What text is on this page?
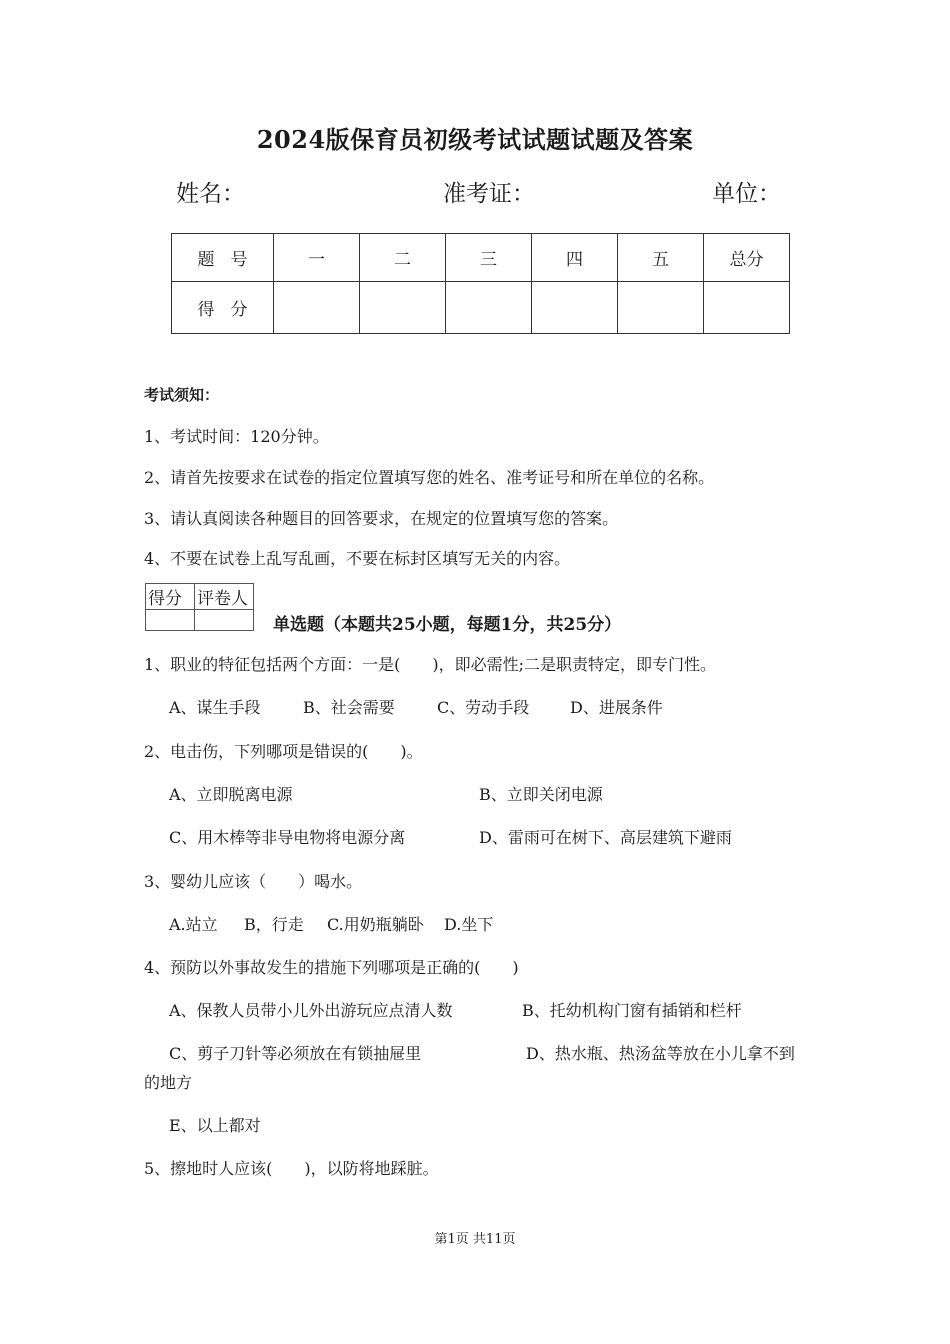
2024版保育员初级考试试题试题及答案
姓名：	准考证：	单位：
题号	一	二	三	四	五	总分
得分						
考试须知：
1、考试时间：120分钟。
2、请首先按要求在试卷的指定位置填写您的姓名、准考证号和所在单位的名称。
3、请认真阅读各种题目的回答要求，在规定的位置填写您的答案。
4、不要在试卷上乱写乱画，不要在标封区填写无关的内容。
得分	评卷人

单选题（本题共25小题，每题1分，共25分）
1、职业的特征包括两个方面：一是(　　)，即必需性;二是职责特定，即专门性。
A、谋生手段	B、社会需要	C、劳动手段	D、进展条件
2、电击伤，下列哪项是错误的(　　)。
A、立即脱离电源	B、立即关闭电源
C、用木棒等非导电物将电源分离	D、雷雨可在树下、高层建筑下避雨
3、婴幼儿应该（　　）喝水。
A.站立 B，行走 C.用奶瓶躺卧 D.坐下
4、预防以外事故发生的措施下列哪项是正确的(　　)
A、保教人员带小儿外出游玩应点清人数	B、托幼机构门窗有插销和栏杆
C、剪子刀针等必须放在有锁抽屉里	D、热水瓶、热汤盆等放在小儿拿不到
的地方
E、以上都对
5、擦地时人应该(　　)，以防将地踩脏。
第1页 共11页
